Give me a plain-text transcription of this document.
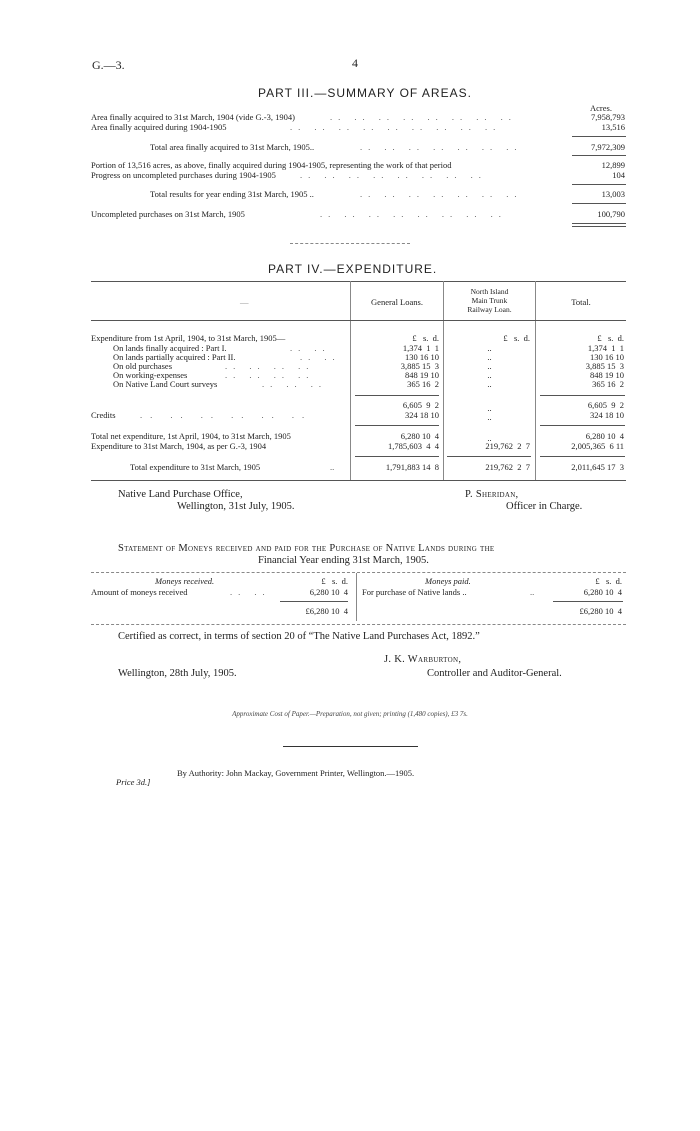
G.—3.	4
PART III.—SUMMARY OF AREAS.
Acres.
Area finally acquired to 31st March, 1904 (vide G.-3, 1904)	.. .. .. .. .. .. .. ..	7,958,793
Area finally acquired during 1904-1905	.. .. .. .. .. .. .. .. ..	13,516
Total area finally acquired to 31st March, 1905..	.. .. .. .. .. .. ..	7,972,309
Portion of 13,516 acres, as above, finally acquired during 1904-1905, representing the work of that period	12,899
Progress on uncompleted purchases during 1904-1905	.. .. .. .. .. .. .. ..	104
Total results for year ending 31st March, 1905 ..	.. .. .. .. .. .. ..	13,003
Uncompleted purchases on 31st March, 1905	.. .. .. .. .. .. .. ..	100,790
PART IV.—EXPENDITURE.
—	General Loans.
North Island
Main Trunk
Railway Loan.
Total.
£   s.  d.	£   s.  d.	£   s.  d.
Expenditure from 1st April, 1904, to 31st March, 1905—
On lands finally acquired : Part I.	.. ..	1,374  1  1	..	1,374  1  1
On lands partially acquired : Part II.	.. ..	130 16 10	..	130 16 10
On old purchases	.. .. .. ..	3,885 15  3	..	3,885 15  3
On working-expenses	.. .. .. ..	848 19 10	..	848 19 10
On Native Land Court surveys	.. .. ..	365 16  2	..	365 16  2
6,605  9  2	..	6,605  9  2
Credits	.. .. .. .. .. ..	324 18 10	..	324 18 10
Total net expenditure, 1st April, 1904, to 31st March, 1905	6,280 10  4	..	6,280 10  4
Expenditure to 31st March, 1904, as per G.-3, 1904	1,785,603  4  4	219,762  2  7	2,005,365  6 11
Total expenditure to 31st March, 1905	..	1,791,883 14  8	219,762  2  7	2,011,645 17  3
Native Land Purchase Office,
Wellington, 31st July, 1905.
P. Sheridan,
Officer in Charge.
Statement of Moneys received and paid for the Purchase of Native Lands during the
Financial Year ending 31st March, 1905.
Moneys received.	£   s.  d.	Moneys paid.	£   s.  d.
Amount of moneys received	.. ..	6,280 10  4 For purchase of Native lands ..	..	6,280 10  4
£6,280 10  4	£6,280 10  4
Certified as correct, in terms of section 20 of “The Native Land Purchases Act, 1892.”
J. K. Warburton,
Wellington, 28th July, 1905.	Controller and Auditor-General.
Approximate Cost of Paper.—Preparation, not given; printing (1,480 copies), £3 7s.
By Authority: John Mackay, Government Printer, Wellington.—1905.
Price 3d.]
